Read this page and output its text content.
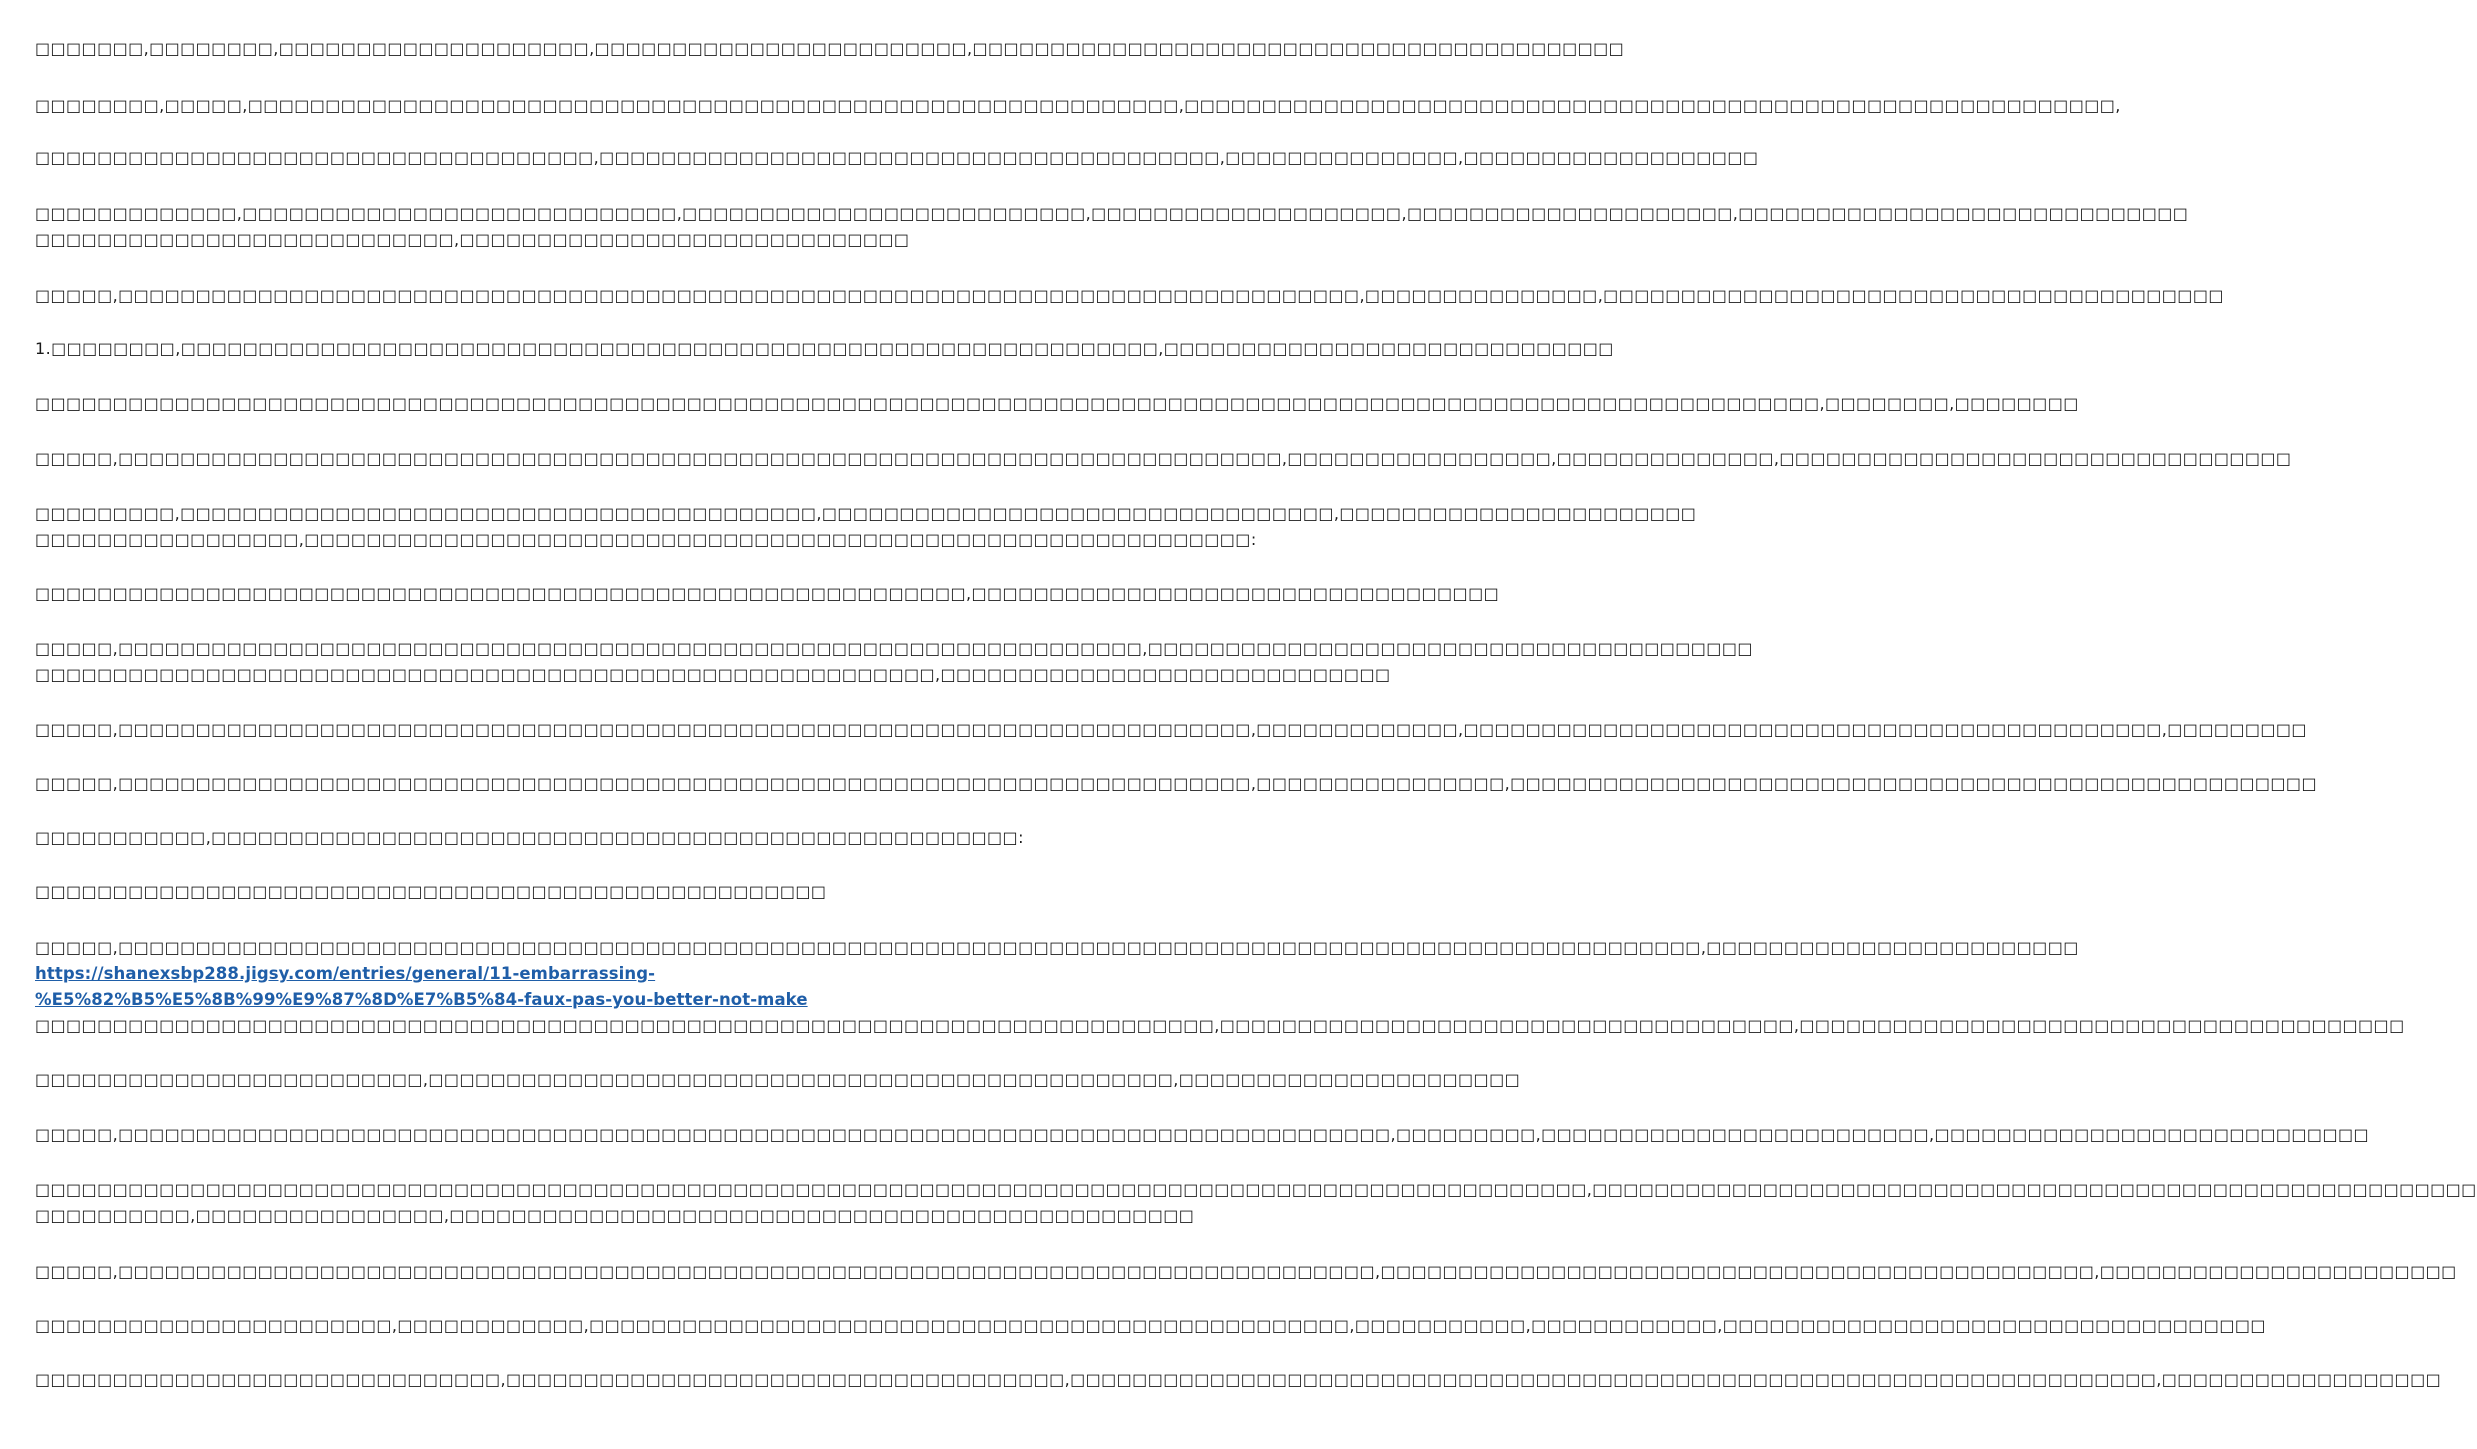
□□□□□□□,□□□□□□□□,□□□□□□□□□□□□□□□□□□□□,□□□□□□□□□□□□□□□□□□□□□□□□,□□□□□□□□□□□□□□□□□□□□□□□□□□□□□□□□□□□□□□□□□□

□□□□□□□□,□□□□□,□□□□□□□□□□□□□□□□□□□□□□□□□□□□□□□□□□□□□□□□□□□□□□□□□□□□□□□□□□□□,□□□□□□□□□□□□□□□□□□□□□□□□□□□□□□□□□□□□□□□□□□□□□□□□□□□□□□□□□□□□,

□□□□□□□□□□□□□□□□□□□□□□□□□□□□□□□□□□□□,□□□□□□□□□□□□□□□□□□□□□□□□□□□□□□□□□□□□□□□□,□□□□□□□□□□□□□□□,□□□□□□□□□□□□□□□□□□□

□□□□□□□□□□□□□,□□□□□□□□□□□□□□□□□□□□□□□□□□□□,□□□□□□□□□□□□□□□□□□□□□□□□□□,□□□□□□□□□□□□□□□□□□□□,□□□□□□□□□□□□□□□□□□□□□,□□□□□□□□□□□□□□□□□□□□□□□□□□□□□
□□□□□□□□□□□□□□□□□□□□□□□□□□□,□□□□□□□□□□□□□□□□□□□□□□□□□□□□□

□□□□□,□□□□□□□□□□□□□□□□□□□□□□□□□□□□□□□□□□□□□□□□□□□□□□□□□□□□□□□□□□□□□□□□□□□□□□□□□□□□□□□□,□□□□□□□□□□□□□□□,□□□□□□□□□□□□□□□□□□□□□□□□□□□□□□□□□□□□□□□□

1.□□□□□□□□,□□□□□□□□□□□□□□□□□□□□□□□□□□□□□□□□□□□□□□□□□□□□□□□□□□□□□□□□□□□□□□□,□□□□□□□□□□□□□□□□□□□□□□□□□□□□□

□□□□□□□□□□□□□□□□□□□□□□□□□□□□□□□□□□□□□□□□□□□□□□□□□□□□□□□□□□□□□□□□□□□□□□□□□□□□□□□□□□□□□□□□□□□□□□□□□□□□□□□□□□□□□□□□□□□,□□□□□□□□,□□□□□□□□

□□□□□,□□□□□□□□□□□□□□□□□□□□□□□□□□□□□□□□□□□□□□□□□□□□□□□□□□□□□□□□□□□□□□□□□□□□□□□□□□□,□□□□□□□□□□□□□□□□□,□□□□□□□□□□□□□□,□□□□□□□□□□□□□□□□□□□□□□□□□□□□□□□□□

□□□□□□□□□,□□□□□□□□□□□□□□□□□□□□□□□□□□□□□□□□□□□□□□□□□,□□□□□□□□□□□□□□□□□□□□□□□□□□□□□□□□□,□□□□□□□□□□□□□□□□□□□□□□□
□□□□□□□□□□□□□□□□□,□□□□□□□□□□□□□□□□□□□□□□□□□□□□□□□□□□□□□□□□□□□□□□□□□□□□□□□□□□□□□:

□□□□□□□□□□□□□□□□□□□□□□□□□□□□□□□□□□□□□□□□□□□□□□□□□□□□□□□□□□□□,□□□□□□□□□□□□□□□□□□□□□□□□□□□□□□□□□□

□□□□□,□□□□□□□□□□□□□□□□□□□□□□□□□□□□□□□□□□□□□□□□□□□□□□□□□□□□□□□□□□□□□□□□□□,□□□□□□□□□□□□□□□□□□□□□□□□□□□□□□□□□□□□□□□
□□□□□□□□□□□□□□□□□□□□□□□□□□□□□□□□□□□□□□□□□□□□□□□□□□□□□□□□□□,□□□□□□□□□□□□□□□□□□□□□□□□□□□□□

□□□□□,□□□□□□□□□□□□□□□□□□□□□□□□□□□□□□□□□□□□□□□□□□□□□□□□□□□□□□□□□□□□□□□□□□□□□□□□□,□□□□□□□□□□□□□,□□□□□□□□□□□□□□□□□□□□□□□□□□□□□□□□□□□□□□□□□□□□□,□□□□□□□□□

□□□□□,□□□□□□□□□□□□□□□□□□□□□□□□□□□□□□□□□□□□□□□□□□□□□□□□□□□□□□□□□□□□□□□□□□□□□□□□□,□□□□□□□□□□□□□□□□,□□□□□□□□□□□□□□□□□□□□□□□□□□□□□□□□□□□□□□□□□□□□□□□□□□□□

□□□□□□□□□□□,□□□□□□□□□□□□□□□□□□□□□□□□□□□□□□□□□□□□□□□□□□□□□□□□□□□□:

□□□□□□□□□□□□□□□□□□□□□□□□□□□□□□□□□□□□□□□□□□□□□□□□□□□

□□□□□,□□□□□□□□□□□□□□□□□□□□□□□□□□□□□□□□□□□□□□□□□□□□□□□□□□□□□□□□□□□□□□□□□□□□□□□□□□□□□□□□□□□□□□□□□□□□□□□□□□□□□□,□□□□□□□□□□□□□□□□□□□□□□□□
https://shanexsbp288.jigsy.com/entries/general/11-embarrassing-
%E5%82%B5%E5%8B%99%E9%87%8D%E7%B5%84-faux-pas-you-better-not-make
□□□□□□□□□□□□□□□□□□□□□□□□□□□□□□□□□□□□□□□□□□□□□□□□□□□□□□□□□□□□□□□□□□□□□□□□□□□□,□□□□□□□□□□□□□□□□□□□□□□□□□□□□□□□□□□□□□,□□□□□□□□□□□□□□□□□□□□□□□□□□□□□□□□□□□□□□□

□□□□□□□□□□□□□□□□□□□□□□□□□,□□□□□□□□□□□□□□□□□□□□□□□□□□□□□□□□□□□□□□□□□□□□□□□□,□□□□□□□□□□□□□□□□□□□□□□

□□□□□,□□□□□□□□□□□□□□□□□□□□□□□□□□□□□□□□□□□□□□□□□□□□□□□□□□□□□□□□□□□□□□□□□□□□□□□□□□□□□□□□□□,□□□□□□□□□,□□□□□□□□□□□□□□□□□□□□□□□□□,□□□□□□□□□□□□□□□□□□□□□□□□□□□□

□□□□□□□□□□□□□□□□□□□□□□□□□□□□□□□□□□□□□□□□□□□□□□□□□□□□□□□□□□□□□□□□□□□□□□□□□□□□□□□□□□□□□□□□□□□□□□□□□□□□,□□□□□□□□□□□□□□□□□□□□□□□□□□□□□□□□□□□□□□□□□□□□□□□□□□□□□□□□□
□□□□□□□□□□,□□□□□□□□□□□□□□□□,□□□□□□□□□□□□□□□□□□□□□□□□□□□□□□□□□□□□□□□□□□□□□□□□

□□□□□,□□□□□□□□□□□□□□□□□□□□□□□□□□□□□□□□□□□□□□□□□□□□□□□□□□□□□□□□□□□□□□□□□□□□□□□□□□□□□□□□□,□□□□□□□□□□□□□□□□□□□□□□□□□□□□□□□□□□□□□□□□□□□□□□,□□□□□□□□□□□□□□□□□□□□□□□

□□□□□□□□□□□□□□□□□□□□□□□,□□□□□□□□□□□□,□□□□□□□□□□□□□□□□□□□□□□□□□□□□□□□□□□□□□□□□□□□□□□□□□,□□□□□□□□□□□,□□□□□□□□□□□□,□□□□□□□□□□□□□□□□□□□□□□□□□□□□□□□□□□□

□□□□□□□□□□□□□□□□□□□□□□□□□□□□□□,□□□□□□□□□□□□□□□□□□□□□□□□□□□□□□□□□□□□,□□□□□□□□□□□□□□□□□□□□□□□□□□□□□□□□□□□□□□□□□□□□□□□□□□□□□□□□□□□□□□□□□□□□□□,□□□□□□□□□□□□□□□□□□
